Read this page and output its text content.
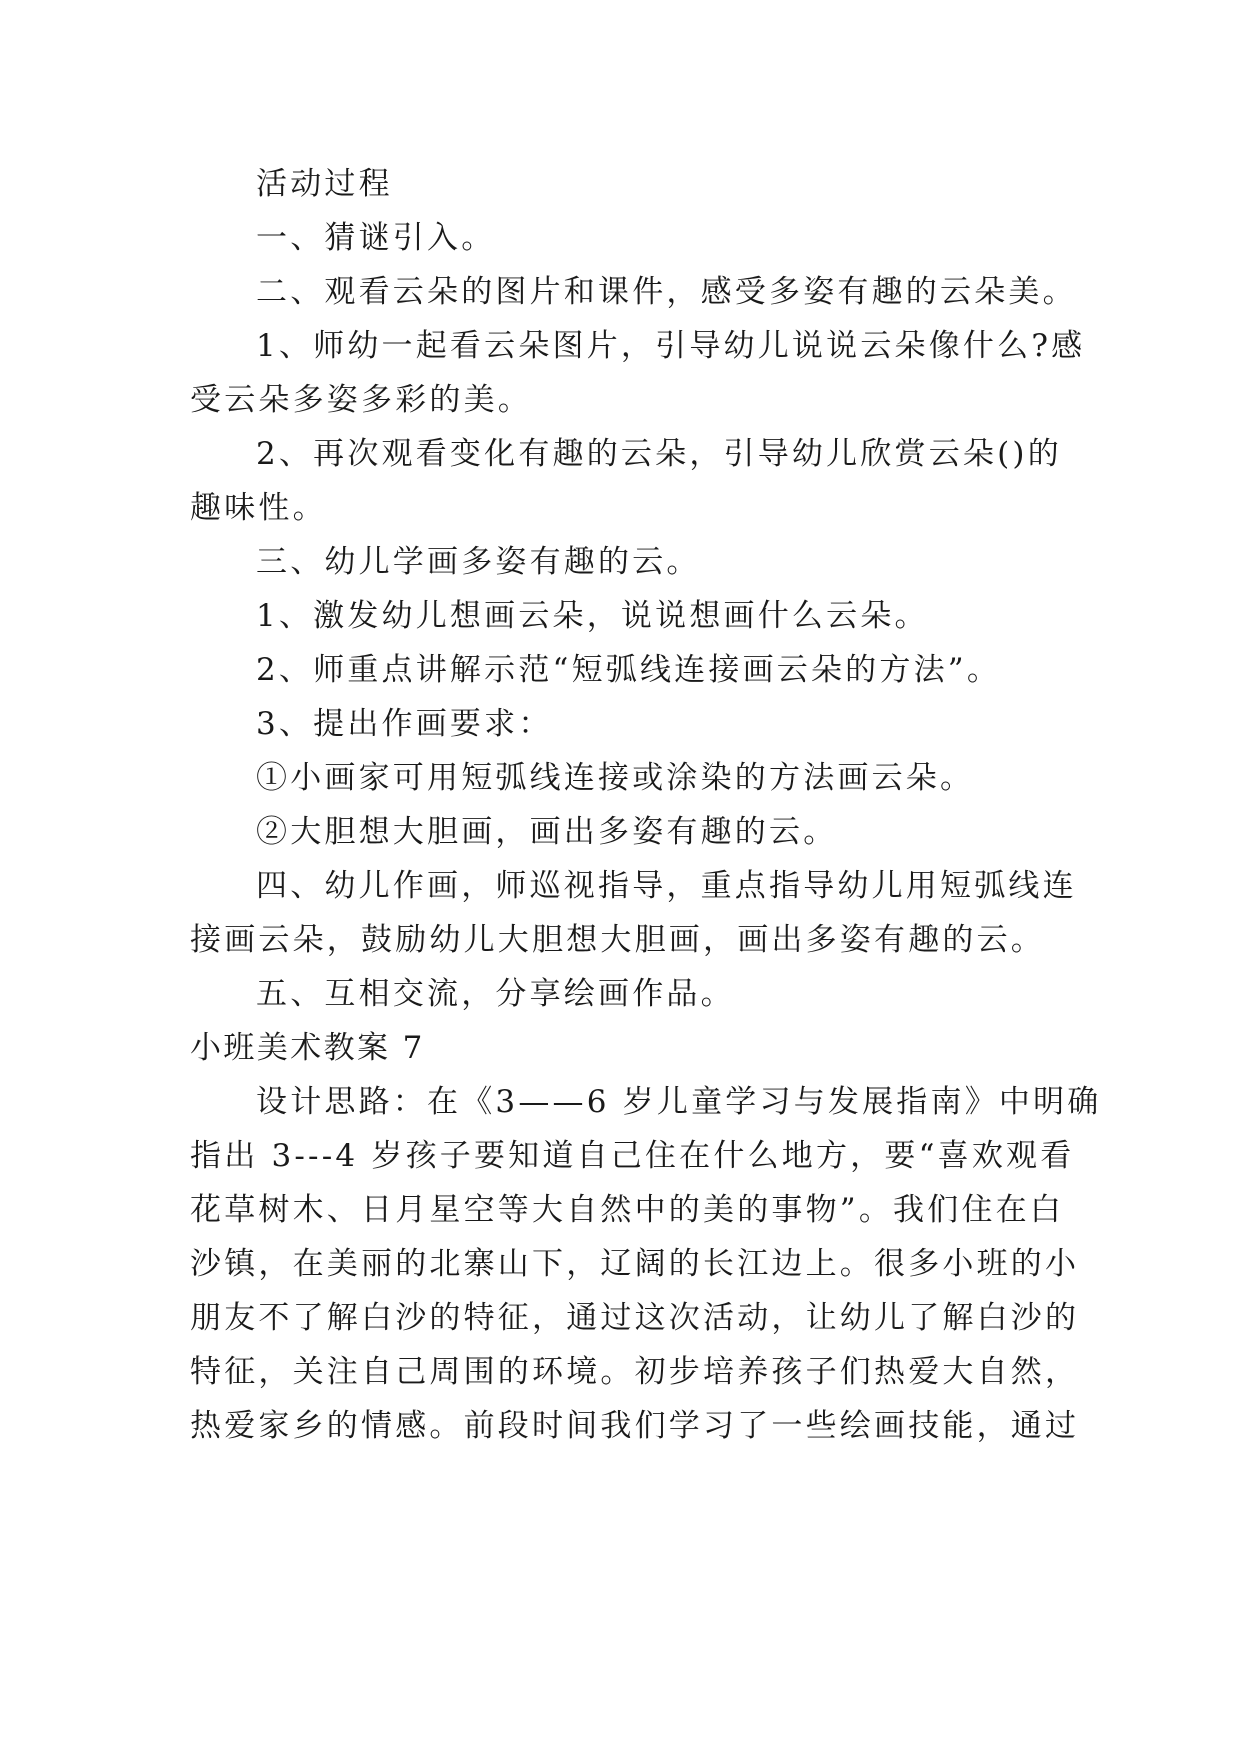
活动过程
一、猜谜引入。
二、观看云朵的图片和课件，感受多姿有趣的云朵美。
1、师幼一起看云朵图片，引导幼儿说说云朵像什么?感
受云朵多姿多彩的美。
2、再次观看变化有趣的云朵，引导幼儿欣赏云朵()的
趣味性。
三、幼儿学画多姿有趣的云。
1、激发幼儿想画云朵，说说想画什么云朵。
2、师重点讲解示范“短弧线连接画云朵的方法”。
3、提出作画要求：
①小画家可用短弧线连接或涂染的方法画云朵。
②大胆想大胆画，画出多姿有趣的云。
四、幼儿作画，师巡视指导，重点指导幼儿用短弧线连
接画云朵，鼓励幼儿大胆想大胆画，画出多姿有趣的云。
五、互相交流，分享绘画作品。
小班美术教案 7
设计思路：在《3——6 岁儿童学习与发展指南》中明确
指出 3---4 岁孩子要知道自己住在什么地方，要“喜欢观看
花草树木、日月星空等大自然中的美的事物”。我们住在白
沙镇，在美丽的北寨山下，辽阔的长江边上。很多小班的小
朋友不了解白沙的特征，通过这次活动，让幼儿了解白沙的
特征，关注自己周围的环境。初步培养孩子们热爱大自然，
热爱家乡的情感。前段时间我们学习了一些绘画技能，通过
